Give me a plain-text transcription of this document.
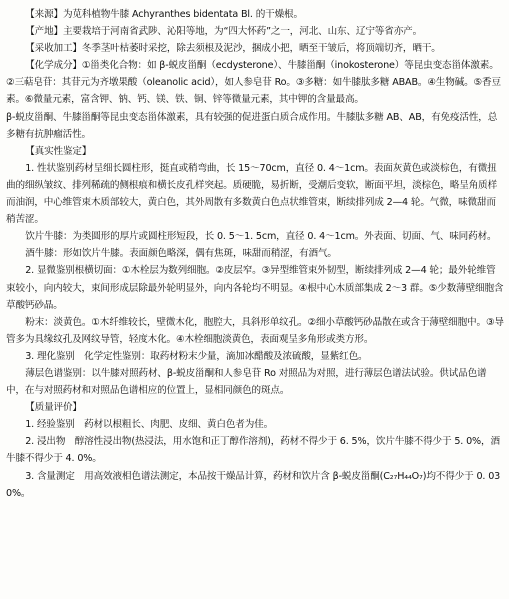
【来源】为苋科植物牛膝 Achyranthes bidentata Bl. 的干燥根。

【产地】主要栽培于河南省武陟、沁阳等地，为“四大怀药”之一，河北、山东、辽宁等省亦产。

【采收加工】冬季茎叶枯萎时采挖，除去须根及泥沙，捆成小把，晒至干皱后，将顶端切齐，晒干。

【化学成分】①甾类化合物：如 β-蜕皮甾酮（ecdysterone）、牛膝甾酮（inokosterone）等昆虫变态甾体激素。②三萜皂苷：其苷元为齐墩果酸（oleanolic acid），如人参皂苷 Ro。③多糖：如牛膝肽多糖 ABAB。④生物碱。⑤香豆素。⑥微量元素，富含钾、钠、钙、镁、铁、铜、锌等微量元素，其中钾的含量最高。

β-蜕皮甾酮、牛膝甾酮等昆虫变态甾体激素，具有较强的促进蛋白质合成作用。牛膝肽多糖 AB、AB，有免疫活性，总多糖有抗肿瘤活性。

【真实性鉴定】

1. 性状鉴别药材呈细长圆柱形，挺直或稍弯曲，长 15～70cm，直径 0. 4～1cm。表面灰黄色或淡棕色，有微扭曲的细纵皱纹、排列稀疏的侧根痕和横长皮孔样突起。质硬脆，易折断，受潮后变软，断面平坦，淡棕色，略呈角质样而油润，中心维管束木质部较大，黄白色，其外周散有多数黄白色点状维管束，断续排列成 2—4 轮。气微，味微甜而稍苦涩。

饮片牛膝：为类圆形的厚片或圆柱形短段，长 0. 5～1. 5cm，直径 0. 4～1cm。外表面、切面、气、味同药材。

酒牛膝：形如饮片牛膝。表面颜色略深，偶有焦斑，味甜而稍涩，有酒气。

2. 显微鉴别根横切面：①木栓层为数列细胞。②皮层窄。③异型维管束外韧型，断续排列成 2—4 轮；最外轮维管束较小，向内较大，束间形成层除最外轮明显外，向内各轮均不明显。④根中心木质部集成 2～3 群。⑤少数薄壁细胞含草酸钙砂晶。

粉末：淡黄色。①木纤维较长，壁微木化，胞腔大，具斜形单纹孔。②细小草酸钙砂晶散在或含于薄壁细胞中。③导管多为具缘纹孔及网纹导管，轻度木化。④木栓细胞淡黄色，表面观呈多角形或类方形。

3. 理化鉴别　化学定性鉴别：取药材粉末少量，滴加冰醋酸及浓硫酸，显紫红色。

薄层色谱鉴别：以牛膝对照药材、β-蜕皮甾酮和人参皂苷 Ro 对照品为对照，进行薄层色谱法试验。供试品色谱中，在与对照药材和对照品色谱相应的位置上，显相同颜色的斑点。

【质量评价】

1. 经验鉴别　药材以根粗长、肉肥、皮细、黄白色者为佳。

2. 浸出物　醇溶性浸出物(热浸法，用水饱和正丁醇作溶剂)，药材不得少于 6. 5%，饮片牛膝不得少于 5. 0%，酒牛膝不得少于 4. 0%。

3. 含量测定　用高效液相色谱法测定，本品按干燥品计算，药材和饮片含 β-蜕皮甾酮(C₂₇H₄₄O₇)均不得少于 0. 030%。
